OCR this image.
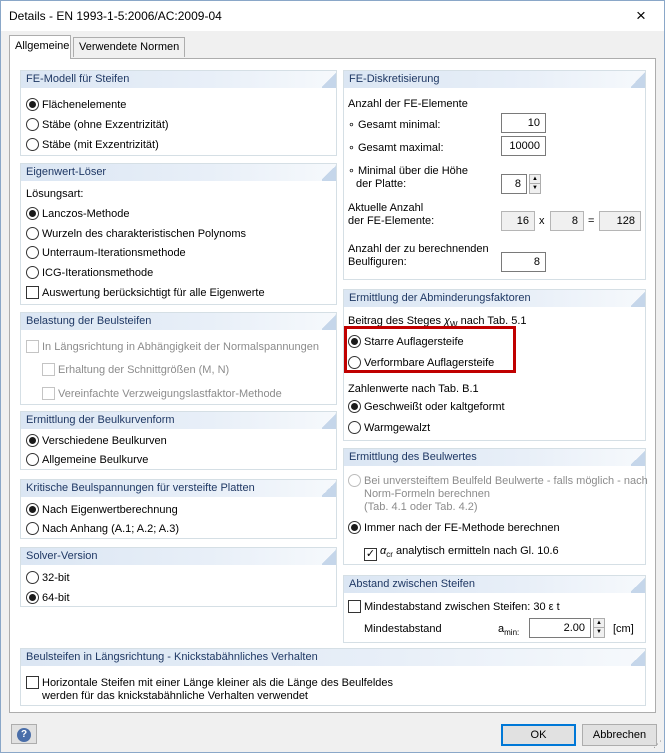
Details - EN 1993-1-5:2006/AC:2009-04	×
Allgemeine Verwendete Normen
FE-Modell für Steifen
Flächenelemente
Stäbe (ohne Exzentrizität)
Stäbe (mit Exzentrizität)
Eigenwert-Löser
Lösungsart:
Lanczos-Methode
Wurzeln des charakteristischen Polynoms
Unterraum-Iterationsmethode
ICG-Iterationsmethode
Auswertung berücksichtigt für alle Eigenwerte
Belastung der Beulsteifen
In Längsrichtung in Abhängigkeit der Normalspannungen
Erhaltung der Schnittgrößen (M, N)
Vereinfachte Verzweigungslastfaktor-Methode
Ermittlung der Beulkurvenform
Verschiedene Beulkurven
Allgemeine Beulkurve
Kritische Beulspannungen für versteifte Platten
Nach Eigenwertberechnung
Nach Anhang (A.1; A.2; A.3)
Solver-Version
32-bit
64-bit
FE-Diskretisierung
Anzahl der FE-Elemente
∘ Gesamt minimal:	10
∘ Gesamt maximal:	10000
∘ Minimal über die Höhe
der Platte:	8	▲
▼
Aktuelle Anzahl
der FE-Elemente:	16 x	8 =	128
Anzahl der zu berechnenden
Beulfiguren:	8
Ermittlung der Abminderungsfaktoren
Beitrag des Steges $\chi_W$ nach Tab. 5.1
Starre Auflagersteife
Verformbare Auflagersteife
Zahlenwerte nach Tab. B.1
Geschweißt oder kaltgeformt
Warmgewalzt
Ermittlung des Beulwertes
Bei unversteiftem Beulfeld Beulwerte - falls möglich - nach
Norm-Formeln berechnen
(Tab. 4.1 oder Tab. 4.2)
Immer nach der FE-Methode berechnen
✓ $\alpha_{cr}$ analytisch ermitteln nach Gl. 10.6
Abstand zwischen Steifen
Mindestabstand zwischen Steifen: 30 ε t
Mindestabstand	$a_{min:}$	2.00	▲
▼ [cm]
Beulsteifen in Längsrichtung - Knickstabähnliches Verhalten
Horizontale Steifen mit einer Länge kleiner als die Länge des Beulfeldes
werden für das knickstabähnliche Verhalten verwendet
?	OK	Abbrechen
⋰
